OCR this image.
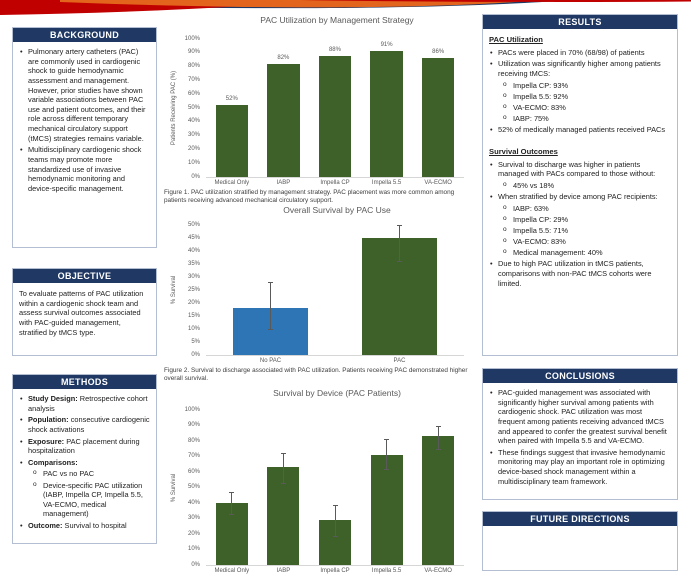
BACKGROUND
• Pulmonary artery catheters (PAC) are commonly used in cardiogenic shock to guide hemodynamic assessment and management. However, prior studies have shown variable associations between PAC use and patient outcomes, and their role across different temporary mechanical circulatory support (tMCS) strategies remains variable.
• Multidisciplinary cardiogenic shock teams may promote more standardized use of invasive hemodynamic monitoring and device-specific management.
OBJECTIVE
To evaluate patterns of PAC utilization within a cardiogenic shock team and assess survival outcomes associated with PAC-guided management, stratified by tMCS type.
METHODS
• Study Design: Retrospective cohort analysis
• Population: consecutive cardiogenic shock activations
• Exposure: PAC placement during hospitalization
• Comparisons:
o PAC vs no PAC
o Device-specific PAC utilization (IABP, Impella CP, Impella 5.5, VA-ECMO, medical management)
• Outcome: Survival to hospital
PAC Utilization by Management Strategy
Patients Receiving PAC (%)
0%
10%
20%
30%
40%
50%
60%
70%
80%
90%
100%
52%
Medical Only
82%
IABP
88%
Impella CP
91%
Impella 5.5
86%
VA-ECMO
Figure 1. PAC utilization stratified by management strategy. PAC placement was more common among patients receiving advanced mechanical circulatory support.
Overall Survival by PAC Use
% Survival
0%
5%
10%
15%
20%
25%
30%
35%
40%
45%
50%
No PAC	PAC
Figure 2. Survival to discharge associated with PAC utilization. Patients receiving PAC demonstrated higher overall survival.
Survival by Device (PAC Patients)
% Survival
0%
10%
20%
30%
40%
50%
60%
70%
80%
90%
100%
Medical Only	IABP	Impella CP	Impella 5.5	VA-ECMO
RESULTS
PAC Utilization
• PACs were placed in 70% (68/98) of patients
• Utilization was significantly higher among patients receiving tMCS:
o Impella CP: 93%
o Impella 5.5: 92%
o VA-ECMO: 83%
o IABP: 75%
• 52% of medically managed patients received PACs
Survival Outcomes
• Survival to discharge was higher in patients managed with PACs compared to those without:
o 45% vs 18%
• When stratified by device among PAC recipients:
o IABP: 63%
o Impella CP: 29%
o Impella 5.5: 71%
o VA-ECMO: 83%
o Medical management: 40%
• Due to high PAC utilization in tMCS patients, comparisons with non-PAC tMCS cohorts were limited.
CONCLUSIONS
• PAC-guided management was associated with significantly higher survival among patients with cardiogenic shock. PAC utilization was most frequent among patients receiving advanced tMCS and appeared to confer the greatest survival benefit when paired with Impella 5.5 and VA-ECMO.
• These findings suggest that invasive hemodynamic monitoring may play an important role in optimizing device-based shock management within a multidisciplinary team framework.
FUTURE DIRECTIONS
